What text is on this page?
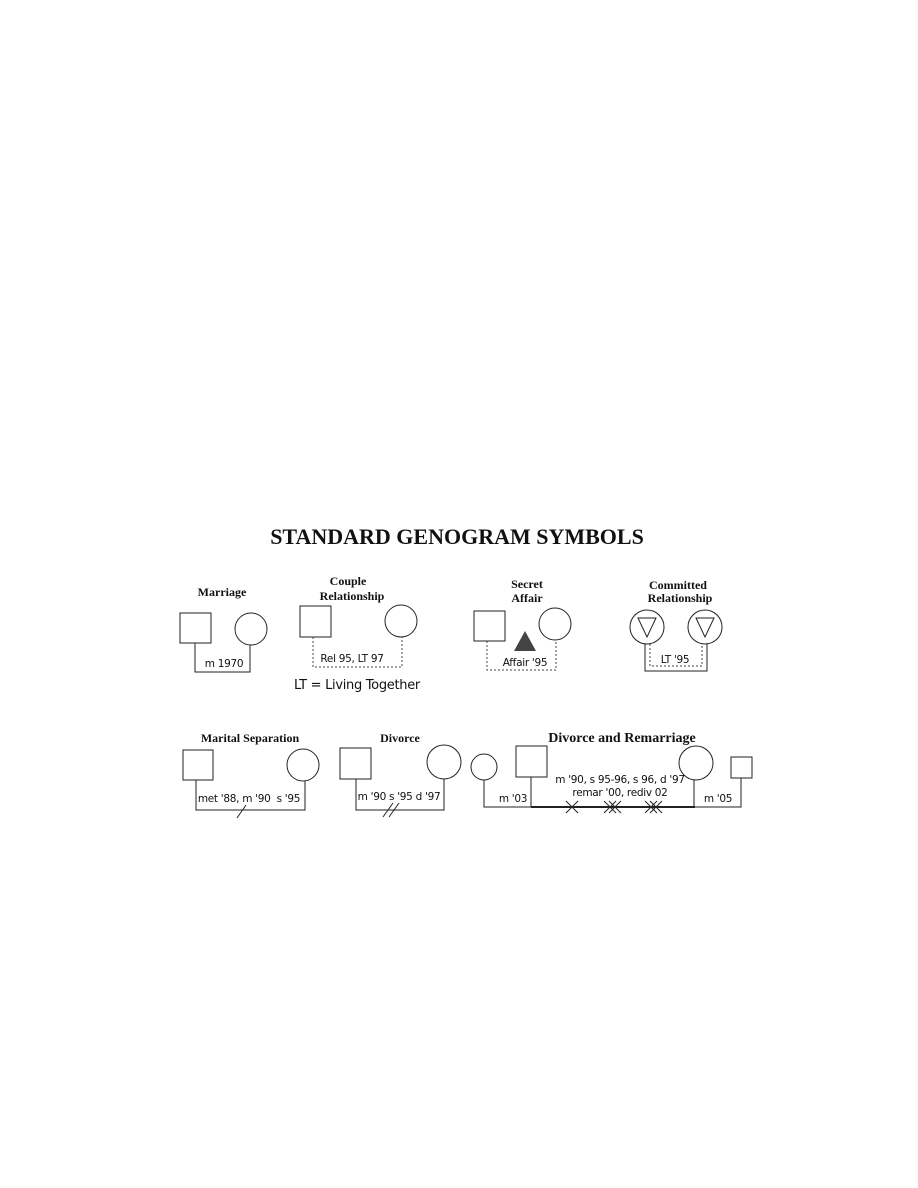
STANDARD GENOGRAM SYMBOLS
Marriage
m 1970
Couple
Relationship
Rel 95, LT 97
LT = Living Together
Secret
Affair
Affair '95
Committed
Relationship
LT '95
Marital Separation
met '88, m '90  s '95
Divorce
m '90 s '95 d '97
Divorce and Remarriage
m '03
m '90, s 95-96, s 96, d '97
remar '00, rediv 02	m '05
